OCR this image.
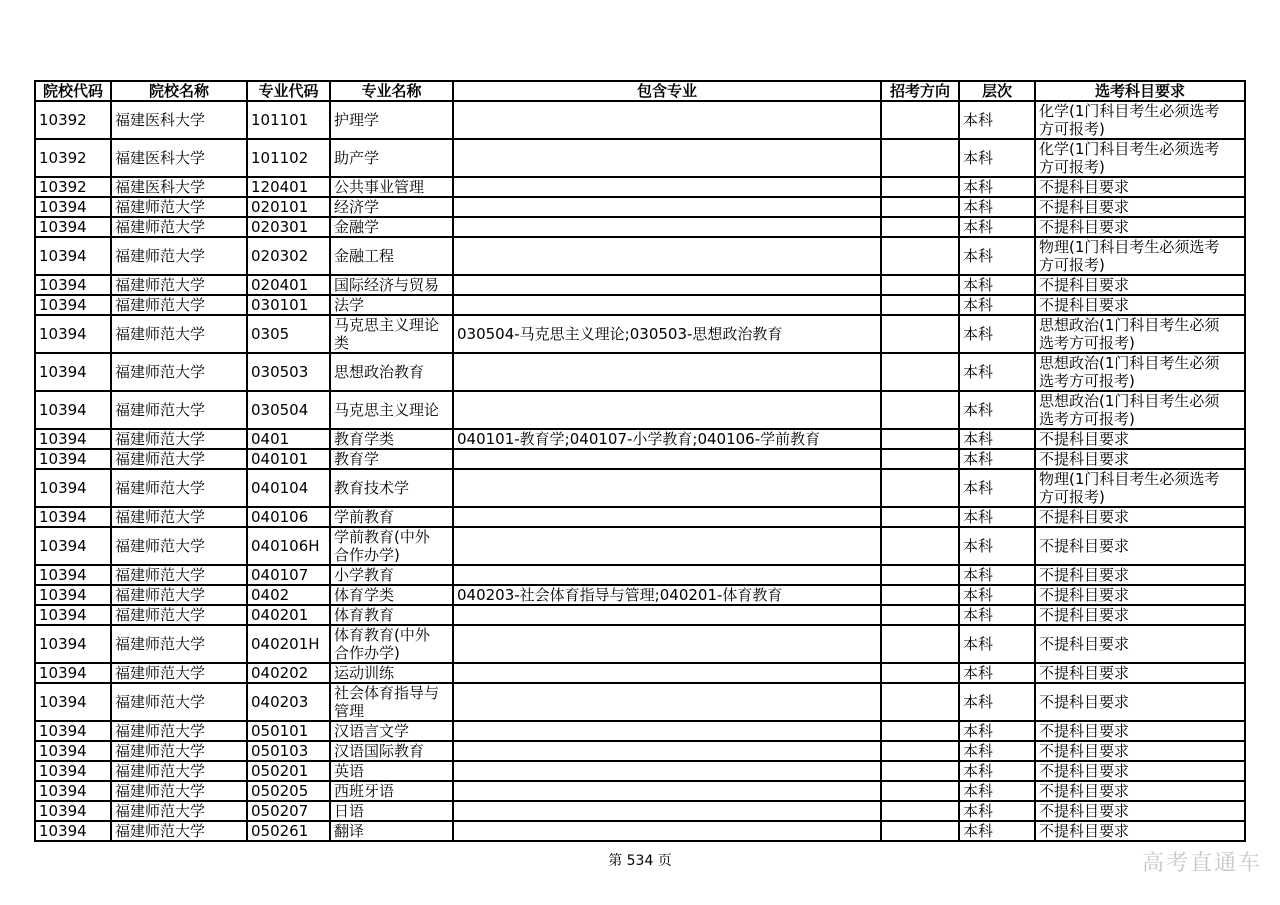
院校代码	院校名称	专业代码	专业名称	包含专业	招考方向	层次	选考科目要求
10392	福建医科大学	101101	护理学			本科	化学(1门科目考生必须选考方可报考)
10392	福建医科大学	101102	助产学			本科	化学(1门科目考生必须选考方可报考)
10392	福建医科大学	120401	公共事业管理			本科	不提科目要求
10394	福建师范大学	020101	经济学			本科	不提科目要求
10394	福建师范大学	020301	金融学			本科	不提科目要求
10394	福建师范大学	020302	金融工程			本科	物理(1门科目考生必须选考方可报考)
10394	福建师范大学	020401	国际经济与贸易			本科	不提科目要求
10394	福建师范大学	030101	法学			本科	不提科目要求
10394	福建师范大学	0305	马克思主义理论类	030504-马克思主义理论;030503-思想政治教育		本科	思想政治(1门科目考生必须选考方可报考)
10394	福建师范大学	030503	思想政治教育			本科	思想政治(1门科目考生必须选考方可报考)
10394	福建师范大学	030504	马克思主义理论			本科	思想政治(1门科目考生必须选考方可报考)
10394	福建师范大学	0401	教育学类	040101-教育学;040107-小学教育;040106-学前教育		本科	不提科目要求
10394	福建师范大学	040101	教育学			本科	不提科目要求
10394	福建师范大学	040104	教育技术学			本科	物理(1门科目考生必须选考方可报考)
10394	福建师范大学	040106	学前教育			本科	不提科目要求
10394	福建师范大学	040106H	学前教育(中外合作办学)			本科	不提科目要求
10394	福建师范大学	040107	小学教育			本科	不提科目要求
10394	福建师范大学	0402	体育学类	040203-社会体育指导与管理;040201-体育教育		本科	不提科目要求
10394	福建师范大学	040201	体育教育			本科	不提科目要求
10394	福建师范大学	040201H	体育教育(中外合作办学)			本科	不提科目要求
10394	福建师范大学	040202	运动训练			本科	不提科目要求
10394	福建师范大学	040203	社会体育指导与管理			本科	不提科目要求
10394	福建师范大学	050101	汉语言文学			本科	不提科目要求
10394	福建师范大学	050103	汉语国际教育			本科	不提科目要求
10394	福建师范大学	050201	英语			本科	不提科目要求
10394	福建师范大学	050205	西班牙语			本科	不提科目要求
10394	福建师范大学	050207	日语			本科	不提科目要求
10394	福建师范大学	050261	翻译			本科	不提科目要求
第 534 页	高考直通车
